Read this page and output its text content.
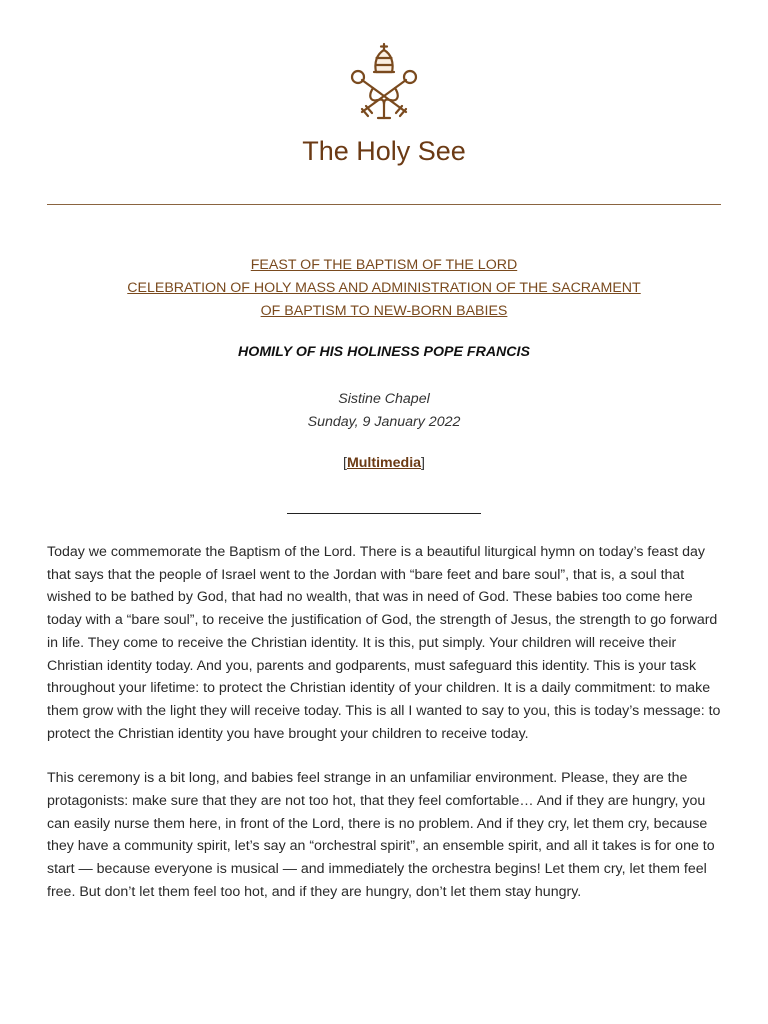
The Holy See
FEAST OF THE BAPTISM OF THE LORD
CELEBRATION OF HOLY MASS AND ADMINISTRATION OF THE SACRAMENT
OF BAPTISM TO NEW-BORN BABIES
HOMILY OF HIS HOLINESS POPE FRANCIS
Sistine Chapel
Sunday, 9 January 2022
[Multimedia]

Today we commemorate the Baptism of the Lord. There is a beautiful liturgical hymn on today’s feast day that says that the people of Israel went to the Jordan with “bare feet and bare soul”, that is, a soul that wished to be bathed by God, that had no wealth, that was in need of God. These babies too come here today with a “bare soul”, to receive the justification of God, the strength of Jesus, the strength to go forward in life. They come to receive the Christian identity. It is this, put simply. Your children will receive their Christian identity today. And you, parents and godparents, must safeguard this identity. This is your task throughout your lifetime: to protect the Christian identity of your children. It is a daily commitment: to make them grow with the light they will receive today. This is all I wanted to say to you, this is today’s message: to protect the Christian identity you have brought your children to receive today.

This ceremony is a bit long, and babies feel strange in an unfamiliar environment. Please, they are the protagonists: make sure that they are not too hot, that they feel comfortable… And if they are hungry, you can easily nurse them here, in front of the Lord, there is no problem. And if they cry, let them cry, because they have a community spirit, let’s say an “orchestral spirit”, an ensemble spirit, and all it takes is for one to start — because everyone is musical — and immediately the orchestra begins! Let them cry, let them feel free. But don’t let them feel too hot, and if they are hungry, don’t let them stay hungry.
